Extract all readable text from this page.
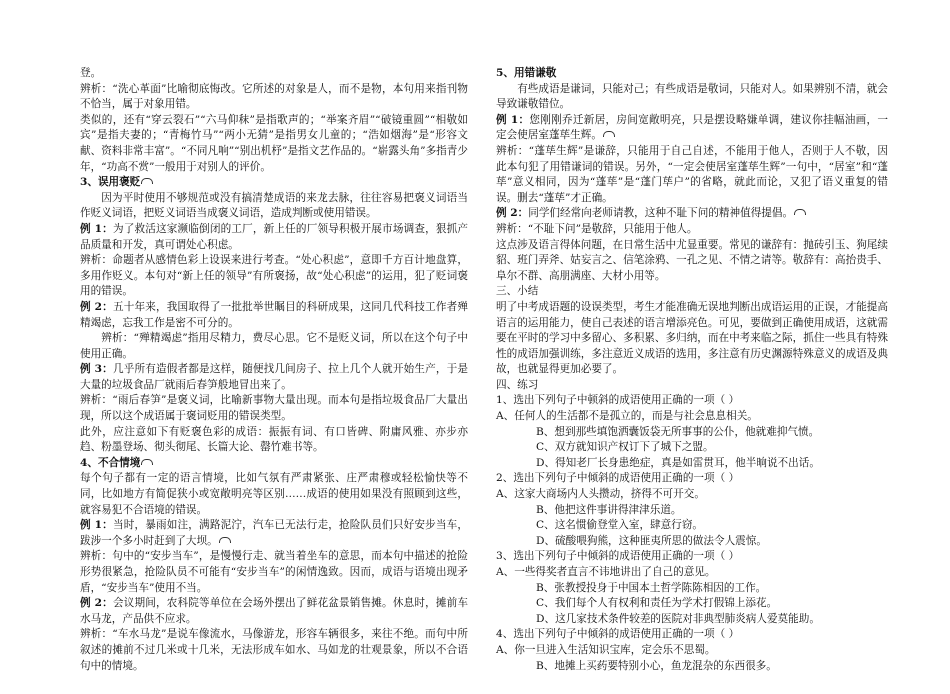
登。

辨析：“洗心革面”比喻彻底悔改。它所述的对象是人，而不是物，本句用来指刊物不恰当，属于对象用错。

类似的，还有“穿云裂石”“六马仰秣”是指歌声的；“举案齐眉”“破镜重圆”“相敬如宾”是指夫妻的；“青梅竹马”“两小无猜”是指男女儿童的；“浩如烟海”是“形容文献、资料非常丰富”。“不同凡响”“别出机杼”是指文艺作品的。“崭露头角”多指青少年，“功高不赏”一般用于对别人的评价。

3、误用褒贬

因为平时使用不够规范或没有搞清楚成语的来龙去脉，往往容易把褒义词语当作贬义词语，把贬义词语当成褒义词语，造成判断或使用错误。

例 1：为了救活这家濒临倒闭的工厂，新上任的厂领导积极开展市场调查，狠抓产品质量和开发，真可谓处心积虑。

辨析：命题者从感情色彩上设误来进行考查。“处心积虑”，意即千方百计地盘算，多用作贬义。本句对“新上任的领导”有所褒扬，故“处心积虑”的运用，犯了贬词褒用的错误。

例 2：五十年来，我国取得了一批批举世瞩目的科研成果，这同几代科技工作者殚精竭虑，忘我工作是密不可分的。

辨析：“殚精竭虑”指用尽精力，费尽心思。它不是贬义词，所以在这个句子中使用正确。

例 3：几乎所有造假者都是这样，随便找几间房子、拉上几个人就开始生产，于是大量的垃圾食品厂就雨后春笋般地冒出来了。

辨析：“雨后春笋”是褒义词，比喻新事物大量出现。而本句是指垃圾食品厂大量出现，所以这个成语属于褒词贬用的错误类型。

此外，应注意如下有贬褒色彩的成语：振振有词、有口皆碑、附庸风雅、亦步亦趋、粉墨登场、彻头彻尾、长篇大论、罄竹难书等。

4、不合情境

每个句子都有一定的语言情境，比如气氛有严肃紧张、庄严肃穆或轻松愉快等不同，比如地方有简促狭小或宽敞明亮等区别……成语的使用如果没有照顾到这些，就容易犯不合语境的错误。

例 1：当时，暴雨如注，满路泥泞，汽车已无法行走，抢险队员们只好安步当车，跋涉一个多小时赶到了大坝。

辨析：句中的“安步当车”，是慢慢行走、就当着坐车的意思，而本句中描述的抢险形势很紧急，抢险队员不可能有“安步当车”的闲情逸致。因而，成语与语境出现矛盾，“安步当车”使用不当。

例 2：会议期间，农科院等单位在会场外摆出了鲜花盆景销售摊。休息时，摊前车水马龙，产品供不应求。

辨析：“车水马龙”是说车像流水，马像游龙，形容车辆很多，来往不绝。而句中所叙述的摊前不过几米或十几米，无法形成车如水、马如龙的壮观景象，所以不合语句中的情境。

5、用错谦敬

有些成语是谦词，只能对己；有些成语是敬词，只能对人。如果辨别不清，就会导致谦敬错位。

例 1：您刚刚乔迁新居，房间宽敞明亮，只是摆设略嫌单调，建议你挂幅油画，一定会使居室蓬荜生辉。

辨析：“蓬荜生辉”是谦辞，只能用于自己自述，不能用于他人，否则于人不敬，因此本句犯了用错谦词的错误。另外，“一定会使居室蓬荜生辉”一句中，“居室”和“蓬荜”意义相同，因为“蓬荜”是“蓬门荜户”的省略，就此而论，又犯了语义重复的错误。删去“蓬荜”才正确。

例 2：同学们经常向老师请教，这种不耻下问的精神值得提倡。

辨析：“不耻下问”是敬辞，只能用于他人。

这点涉及语言得体问题，在日常生活中尤显重要。常见的谦辞有：抛砖引玉、狗尾续貂、班门弄斧、姑妄言之、信笔涂鸦、一孔之见、不情之请等。敬辞有：高抬贵手、阜尔不群、高朋满座、大材小用等。

三、小结

明了中考成语题的设误类型，考生才能准确无误地判断出成语运用的正误，才能提高语言的运用能力，使自己表述的语言增添亮色。可见，要做到正确使用成语，这就需要在平时的学习中多留心、多积累、多归纳，而在中考来临之际，抓住一些具有特殊性的成语加强训练，多注意近义成语的选用，多注意有历史渊源特殊意义的成语及典故，也就显得更加必要了。

四、练习

1、选出下列句子中顿斜的成语使用正确的一项（ ）

A、任何人的生活都不是孤立的，而是与社会息息相关。

B、想到那些填饱洒囊饭袋无所事事的公仆，他就难抑气愤。

C、双方就知识产权订下了城下之盟。

D、得知老厂长身患绝症，真是如雷贯耳，他半晌说不出话。

2、选出下列句子中倾斜的成语使用正确的一项（ ）

A、这家大商场内人头攒动，挤得不可开交。

B、他把这件事讲得津津乐道。

C、这名惯偷登堂入室，肆意行窃。

D、硫酸喂狗熊，这种匪夷所思的做法令人震惊。

3、选出下列句子中倾斜的成语使用正确的一项（ ）

A、一些得奖者直言不讳地讲出了自己的意见。

B、张教授投身于中国本土哲学陈陈相因的工作。

C、我们每个人有权利和责任为学术打假锦上添花。

D、这几家技术条件较差的医院对非典型肺炎病人爱莫能助。

4、选出下列句子中倾斜的成语使用正确的一项（ ）

A、你一旦进入生活知识宝库，定会乐不思蜀。

B、地摊上买药要特别小心，鱼龙混杂的东西很多。
